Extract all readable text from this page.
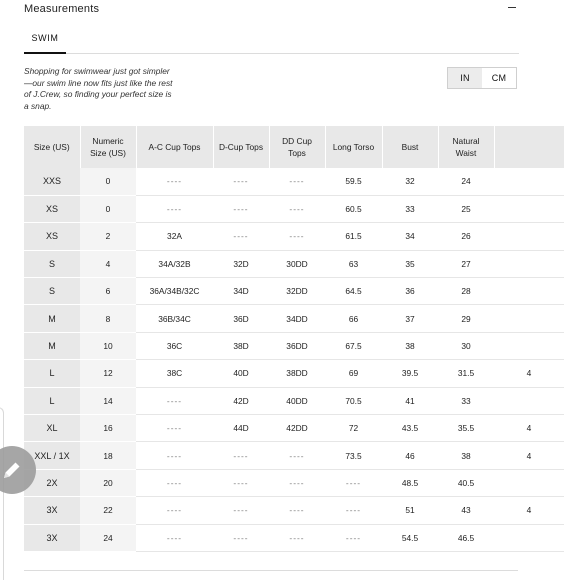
Measurements
SWIM

Shopping for swimwear just got simpler—our swim line now fits just like the rest of J.Crew, so finding your perfect size is a snap.

IN	CM
Size (US)	Numeric Size (US)	A-C Cup Tops	D-Cup Tops	DD Cup Tops	Long Torso	Bust	Natural Waist	
XXS	0	----	----	----	59.5	32	24	
XS	0	----	----	----	60.5	33	25	
XS	2	32A	----	----	61.5	34	26	
S	4	34A/32B	32D	30DD	63	35	27	
S	6	36A/34B/32C	34D	32DD	64.5	36	28	
M	8	36B/34C	36D	34DD	66	37	29	
M	10	36C	38D	36DD	67.5	38	30	
L	12	38C	40D	38DD	69	39.5	31.5	4
L	14	----	42D	40DD	70.5	41	33	
XL	16	----	44D	42DD	72	43.5	35.5	4
XXL / 1X	18	----	----	----	73.5	46	38	4
2X	20	----	----	----	----	48.5	40.5	
3X	22	----	----	----	----	51	43	4
3X	24	----	----	----	----	54.5	46.5	
